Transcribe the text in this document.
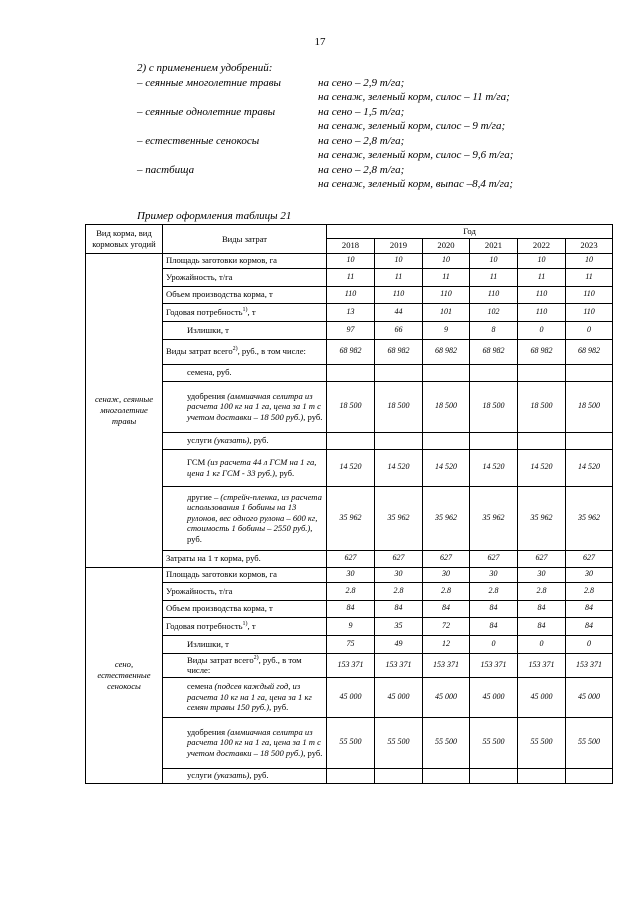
17
2) с применением удобрений:
– сеянные многолетние травы	на сено – 2,9 т/га;
на сенаж, зеленый корм, силос – 11 т/га;
– сеянные однолетние травы	на сено – 1,5 т/га;
на сенаж, зеленый корм, силос – 9 т/га;
– естественные сенокосы	на сено – 2,8 т/га;
на сенаж, зеленый корм, силос – 9,6 т/га;
– пастбища	на сено – 2,8 т/га;
на сенаж, зеленый корм, выпас –8,4 т/га;
Пример оформления таблицы 21
Вид корма, вид кормовых угодий	Виды затрат	Год					
		2018	2019	2020	2021	2022	2023
сенаж, сеянные многолетние травы	Площадь заготовки кормов, га	10	10	10	10	10	10
	Урожайность, т/га	11	11	11	11	11	11
	Объем производства корма, т	110	110	110	110	110	110
	Годовая потребность$^{1)}$, т	13	44	101	102	110	110
	Излишки, т	97	66	9	8	0	0
	Виды затрат всего$^{2)}$, руб., в том числе:	68 982	68 982	68 982	68 982	68 982	68 982
	семена, руб.						
	удобрения (аммиачная селитра из расчета 100 кг на 1 га, цена за 1 т с учетом доставки – 18 500 руб.), руб.	18 500	18 500	18 500	18 500	18 500	18 500
	услуги (указать), руб.						
	ГСМ (из расчета 44 л ГСМ на 1 га, цена 1 кг ГСМ - 33 руб.), руб.	14 520	14 520	14 520	14 520	14 520	14 520
	другие – (стрейч-пленка, из расчета использования 1 бобины на 13 рулонов, вес одного рулона – 600 кг, стоимость 1 бобины – 2550 руб.), руб.	35 962	35 962	35 962	35 962	35 962	35 962
	Затраты на 1 т корма, руб.	627	627	627	627	627	627
сено, естественные сенокосы	Площадь заготовки кормов, га	30	30	30	30	30	30
	Урожайность, т/га	2.8	2.8	2.8	2.8	2.8	2.8
	Объем производства корма, т	84	84	84	84	84	84
	Годовая потребность$^{1)}$, т	9	35	72	84	84	84
	Излишки, т	75	49	12	0	0	0
	Виды затрат всего$^{2)}$, руб., в том числе:	153 371	153 371	153 371	153 371	153 371	153 371
	семена (подсев каждый год, из расчета 10 кг на 1 га, цена за 1 кг семян травы 150 руб.), руб.	45 000	45 000	45 000	45 000	45 000	45 000
	удобрения (аммиачная селитра из расчета 100 кг на 1 га, цена за 1 т с учетом доставки – 18 500 руб.), руб.	55 500	55 500	55 500	55 500	55 500	55 500
	услуги (указать), руб.						
